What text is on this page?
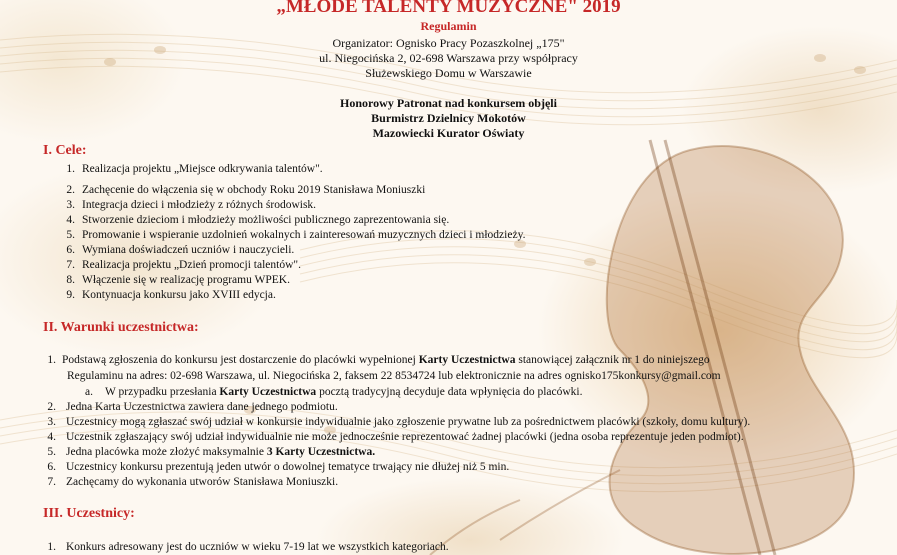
„MŁODE TALENTY MUZYCZNE" 2019
Regulamin
Organizator: Ognisko Pracy Pozaszkolnej „175"
ul. Niegocińska 2, 02-698 Warszawa przy współpracy
Służewskiego Domu w Warszawie
Honorowy Patronat nad konkursem objęli
Burmistrz Dzielnicy Mokotów
Mazowiecki Kurator Oświaty
I. Cele:
1. Realizacja projektu „Miejsce odkrywania talentów".
2. Zachęcenie do włączenia się w obchody Roku 2019 Stanisława Moniuszki
3. Integracja dzieci i młodzieży z różnych środowisk.
4. Stworzenie dzieciom i młodzieży możliwości publicznego zaprezentowania się.
5. Promowanie i wspieranie uzdolnień wokalnych i zainteresowań muzycznych dzieci i młodzieży.
6. Wymiana doświadczeń uczniów i nauczycieli.
7. Realizacja projektu „Dzień promocji talentów".
8. Włączenie się w realizację programu WPEK.
9. Kontynuacja konkursu jako XVIII edycja.
II. Warunki uczestnictwa:
1. Podstawą zgłoszenia do konkursu jest dostarczenie do placówki wypełnionej Karty Uczestnictwa stanowiącej załącznik nr 1 do niniejszego
Regulaminu na adres: 02-698 Warszawa, ul. Niegocińska 2, faksem 22 8534724 lub elektronicznie na adres ognisko175konkursy@gmail.com
a. W przypadku przesłania Karty Uczestnictwa pocztą tradycyjną decyduje data wpłynięcia do placówki.
2. Jedna Karta Uczestnictwa zawiera dane jednego podmiotu.
3. Uczestnicy mogą zgłaszać swój udział w konkursie indywidualnie jako zgłoszenie prywatne lub za pośrednictwem placówki (szkoły, domu kultury).
4. Uczestnik zgłaszający swój udział indywidualnie nie może jednocześnie reprezentować żadnej placówki (jedna osoba reprezentuje jeden podmiot).
5. Jedna placówka może złożyć maksymalnie 3 Karty Uczestnictwa.
6. Uczestnicy konkursu prezentują jeden utwór o dowolnej tematyce trwający nie dłużej niż 5 min.
7. Zachęcamy do wykonania utworów Stanisława Moniuszki.
III. Uczestnicy:
1. Konkurs adresowany jest do uczniów w wieku 7-19 lat we wszystkich kategoriach.
